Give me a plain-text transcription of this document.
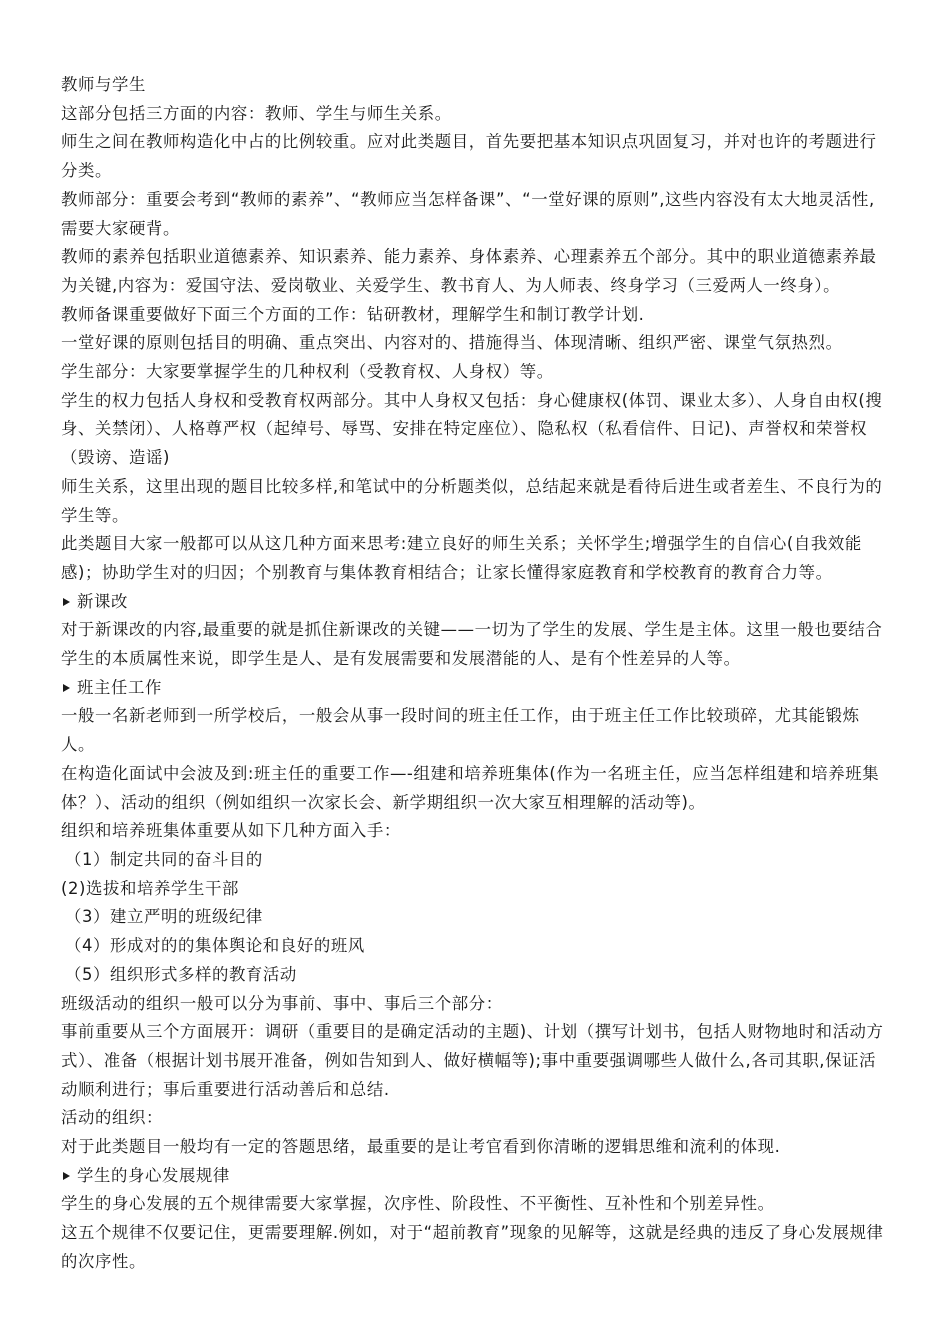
教师与学生

这部分包括三方面的内容：教师、学生与师生关系。

师生之间在教师构造化中占的比例较重。应对此类题目，首先要把基本知识点巩固复习，并对也许的考题进行分类。

教师部分：重要会考到“教师的素养”、“教师应当怎样备课”、“一堂好课的原则”,这些内容没有太大地灵活性,需要大家硬背。

教师的素养包括职业道德素养、知识素养、能力素养、身体素养、心理素养五个部分。其中的职业道德素养最为关键,内容为：爱国守法、爱岗敬业、关爱学生、教书育人、为人师表、终身学习（三爱两人一终身）。

教师备课重要做好下面三个方面的工作：钻研教材，理解学生和制订教学计划.

一堂好课的原则包括目的明确、重点突出、内容对的、措施得当、体现清晰、组织严密、课堂气氛热烈。

学生部分：大家要掌握学生的几种权利（受教育权、人身权）等。

学生的权力包括人身权和受教育权两部分。其中人身权又包括：身心健康权(体罚、课业太多）、人身自由权(搜身、关禁闭）、人格尊严权（起绰号、辱骂、安排在特定座位）、隐私权（私看信件、日记)、声誉权和荣誉权（毁谤、造谣)

师生关系，这里出现的题目比较多样,和笔试中的分析题类似，总结起来就是看待后进生或者差生、不良行为的学生等。

此类题目大家一般都可以从这几种方面来思考:建立良好的师生关系；关怀学生;增强学生的自信心(自我效能感)；协助学生对的归因；个别教育与集体教育相结合；让家长懂得家庭教育和学校教育的教育合力等。

新课改

对于新课改的内容,最重要的就是抓住新课改的关键——一切为了学生的发展、学生是主体。这里一般也要结合学生的本质属性来说，即学生是人、是有发展需要和发展潜能的人、是有个性差异的人等。

班主任工作

一般一名新老师到一所学校后，一般会从事一段时间的班主任工作，由于班主任工作比较琐碎，尤其能锻炼人。

在构造化面试中会波及到:班主任的重要工作—-组建和培养班集体(作为一名班主任，应当怎样组建和培养班集体？）、活动的组织（例如组织一次家长会、新学期组织一次大家互相理解的活动等)。

组织和培养班集体重要从如下几种方面入手：

（1）制定共同的奋斗目的

(2)选拔和培养学生干部

（3）建立严明的班级纪律

（4）形成对的的集体舆论和良好的班风

（5）组织形式多样的教育活动

班级活动的组织一般可以分为事前、事中、事后三个部分：

事前重要从三个方面展开：调研（重要目的是确定活动的主题)、计划（撰写计划书，包括人财物地时和活动方式）、准备（根据计划书展开准备，例如告知到人、做好横幅等);事中重要强调哪些人做什么,各司其职,保证活动顺利进行；事后重要进行活动善后和总结.

活动的组织：

对于此类题目一般均有一定的答题思绪，最重要的是让考官看到你清晰的逻辑思维和流利的体现.

学生的身心发展规律

学生的身心发展的五个规律需要大家掌握，次序性、阶段性、不平衡性、互补性和个别差异性。

这五个规律不仅要记住，更需要理解.例如，对于“超前教育”现象的见解等，这就是经典的违反了身心发展规律的次序性。
